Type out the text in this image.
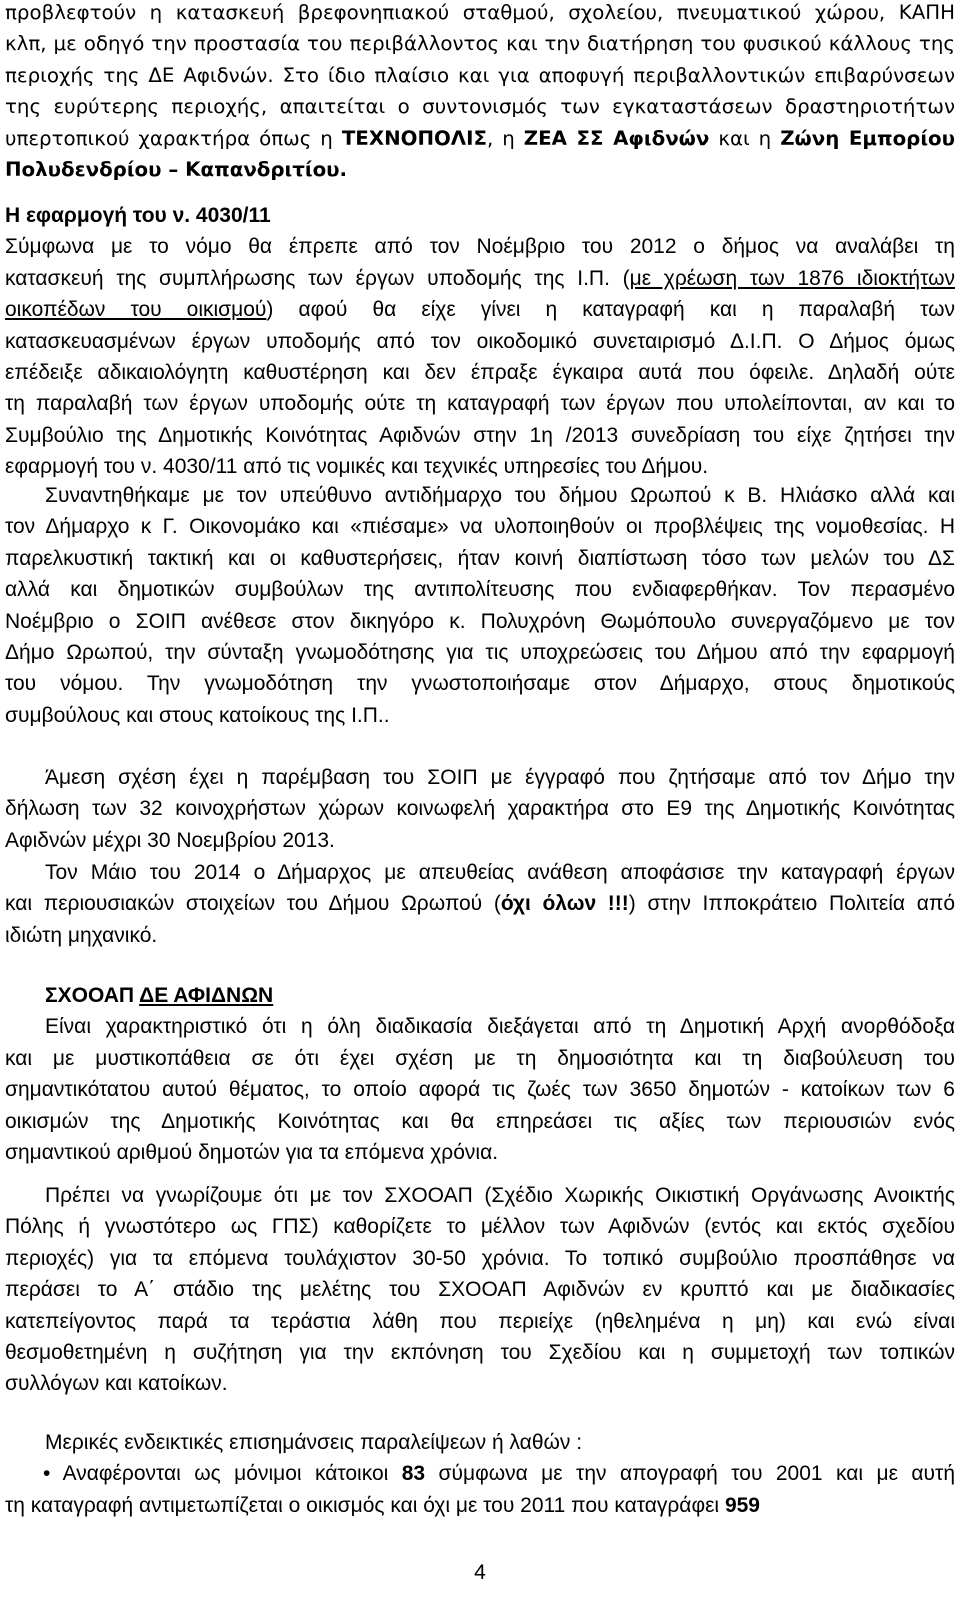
προβλεφτούν η κατασκευή βρεφονηπιακού σταθμού, σχολείου, πνευματικού χώρου, ΚΑΠΗ
κλπ, με οδηγό την προστασία του περιβάλλοντος και την διατήρηση του φυσικού κάλλους της
περιοχής της ΔΕ Αφιδνών. Στο ίδιο πλαίσιο και για αποφυγή περιβαλλοντικών επιβαρύνσεων
της ευρύτερης περιοχής, απαιτείται ο συντονισμός των εγκαταστάσεων δραστηριοτήτων
υπερτοπικού χαρακτήρα όπως η ΤΕΧΝΟΠΟΛΙΣ, η ΖΕΑ ΣΣ Αφιδνών και η Ζώνη Εμπορίου
Πολυδενδρίου – Καπανδριτίου.
Η εφαρμογή του ν. 4030/11
Σύμφωνα με το νόμο θα έπρεπε από τον Νοέμβριο του 2012 ο δήμος να αναλάβει τη
κατασκευή της συμπλήρωσης των έργων υποδομής της Ι.Π. (με χρέωση των 1876 ιδιοκτήτων
οικοπέδων του οικισμού) αφού θα είχε γίνει η καταγραφή και η παραλαβή των
κατασκευασμένων έργων υποδομής από τον οικοδομικό συνεταιρισμό Δ.Ι.Π. Ο Δήμος όμως
επέδειξε αδικαιολόγητη καθυστέρηση και δεν έπραξε έγκαιρα αυτά που όφειλε. Δηλαδή ούτε
τη παραλαβή των έργων υποδομής ούτε τη καταγραφή των έργων που υπολείπονται, αν και το
Συμβούλιο της Δημοτικής Κοινότητας Αφιδνών στην 1η /2013 συνεδρίαση του είχε ζητήσει την
εφαρμογή του ν. 4030/11 από τις νομικές και τεχνικές υπηρεσίες του Δήμου.
Συναντηθήκαμε με τον υπεύθυνο αντιδήμαρχο του δήμου Ωρωπού κ Β. Ηλιάσκο αλλά και
τον Δήμαρχο κ Γ. Οικονομάκο και «πιέσαμε» να υλοποιηθούν οι προβλέψεις της νομοθεσίας. Η
παρελκυστική τακτική και οι καθυστερήσεις, ήταν κοινή διαπίστωση τόσο των μελών του ΔΣ
αλλά και δημοτικών συμβούλων της αντιπολίτευσης που ενδιαφερθήκαν. Τον περασμένο
Νοέμβριο ο ΣΟΙΠ ανέθεσε στον δικηγόρο κ. Πολυχρόνη Θωμόπουλο συνεργαζόμενο με τον
Δήμο Ωρωπού, την σύνταξη γνωμοδότησης για τις υποχρεώσεις του Δήμου από την εφαρμογή
του νόμου. Την γνωμοδότηση την γνωστοποιήσαμε στον Δήμαρχο, στους δημοτικούς
συμβούλους και στους κατοίκους της Ι.Π..
Άμεση σχέση έχει η παρέμβαση του ΣΟΙΠ με έγγραφό που ζητήσαμε από τον Δήμο την
δήλωση των 32 κοινοχρήστων χώρων κοινωφελή χαρακτήρα στο Ε9 της Δημοτικής Κοινότητας
Αφιδνών μέχρι 30 Νοεμβρίου 2013.
Τον Μάιο του 2014 ο Δήμαρχος με απευθείας ανάθεση αποφάσισε την καταγραφή έργων
και περιουσιακών στοιχείων του Δήμου Ωρωπού (όχι όλων !!!) στην Ιπποκράτειο Πολιτεία από
ιδιώτη μηχανικό.
ΣΧΟΟΑΠ ΔΕ ΑΦΙΔΝΩΝ
Είναι χαρακτηριστικό ότι η όλη διαδικασία διεξάγεται από τη Δημοτική Αρχή ανορθόδοξα
και με μυστικοπάθεια σε ότι έχει σχέση με τη δημοσιότητα και τη διαβούλευση του
σημαντικότατου αυτού θέματος, το οποίο αφορά τις ζωές των 3650 δημοτών - κατοίκων των 6
οικισμών της Δημοτικής Κοινότητας και θα επηρεάσει τις αξίες των περιουσιών ενός
σημαντικού αριθμού δημοτών για τα επόμενα χρόνια.
Πρέπει να γνωρίζουμε ότι με τον ΣΧΟΟΑΠ (Σχέδιο Χωρικής Οικιστική Οργάνωσης Ανοικτής
Πόλης ή γνωστότερο ως ΓΠΣ) καθορίζετε το μέλλον των Αφιδνών (εντός και εκτός σχεδίου
περιοχές) για τα επόμενα τουλάχιστον 30-50 χρόνια. Το τοπικό συμβούλιο προσπάθησε να
περάσει το Α΄ στάδιο της μελέτης του ΣΧΟΟΑΠ Αφιδνών εν κρυπτό και με διαδικασίες
κατεπείγοντος παρά τα τεράστια λάθη που περιείχε (ηθελημένα η μη) και ενώ είναι
θεσμοθετημένη η συζήτηση για την εκπόνηση του Σχεδίου και η συμμετοχή των τοπικών
συλλόγων και κατοίκων.
Μερικές ενδεικτικές επισημάνσεις παραλείψεων ή λαθών :
• Αναφέρονται ως μόνιμοι κάτοικοι 83 σύμφωνα με την απογραφή του 2001 και με αυτή
τη καταγραφή αντιμετωπίζεται ο οικισμός και όχι με του 2011 που καταγράφει 959
4
